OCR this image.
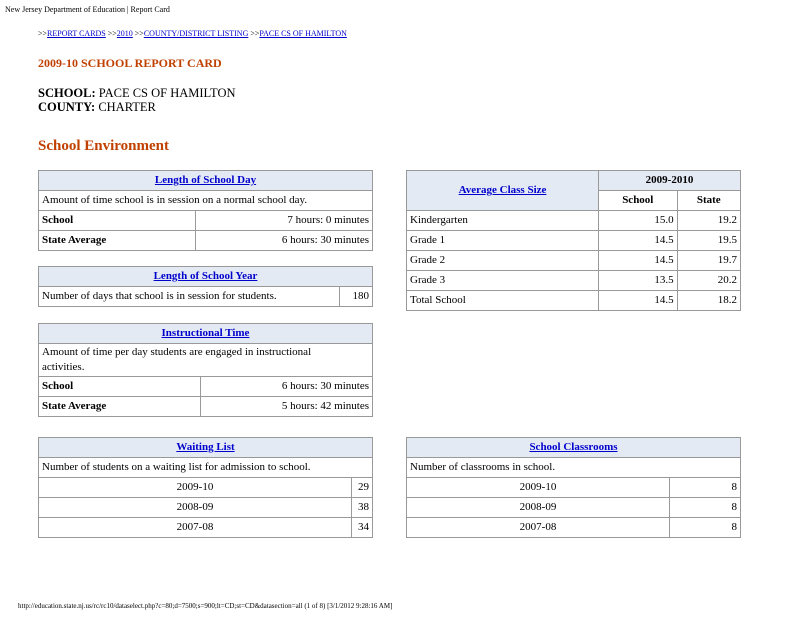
New Jersey Department of Education | Report Card
>>REPORT CARDS >>2010 >>COUNTY/DISTRICT LISTING >>PACE CS OF HAMILTON
2009-10 SCHOOL REPORT CARD
SCHOOL: PACE CS OF HAMILTON
COUNTY: CHARTER
School Environment
Length of School Day	
Amount of time school is in session on a normal school day.	
School	7 hours: 0 minutes
State Average	6 hours: 30 minutes
Length of School Year
Number of days that school is in session for students.	180
Instructional Time	

Amount of time per day students are engaged in instructional activities.	

School	6 hours: 30 minutes
State Average	5 hours: 42 minutes
Average Class Size	2009-2010	
	School	State
Kindergarten	15.0	19.2
Grade 1	14.5	19.5
Grade 2	14.5	19.7
Grade 3	13.5	20.2
Total School	14.5	18.2
Waiting List	
Number of students on a waiting list for admission to school.	
2009-10	29
2008-09	38
2007-08	34
School Classrooms	
Number of classrooms in school.	
2009-10	8
2008-09	8
2007-08	8
http://education.state.nj.us/rc/rc10/dataselect.php?c=80;d=7500;s=900;lt=CD;st=CD&datasection=all (1 of 8) [3/1/2012 9:28:16 AM]
